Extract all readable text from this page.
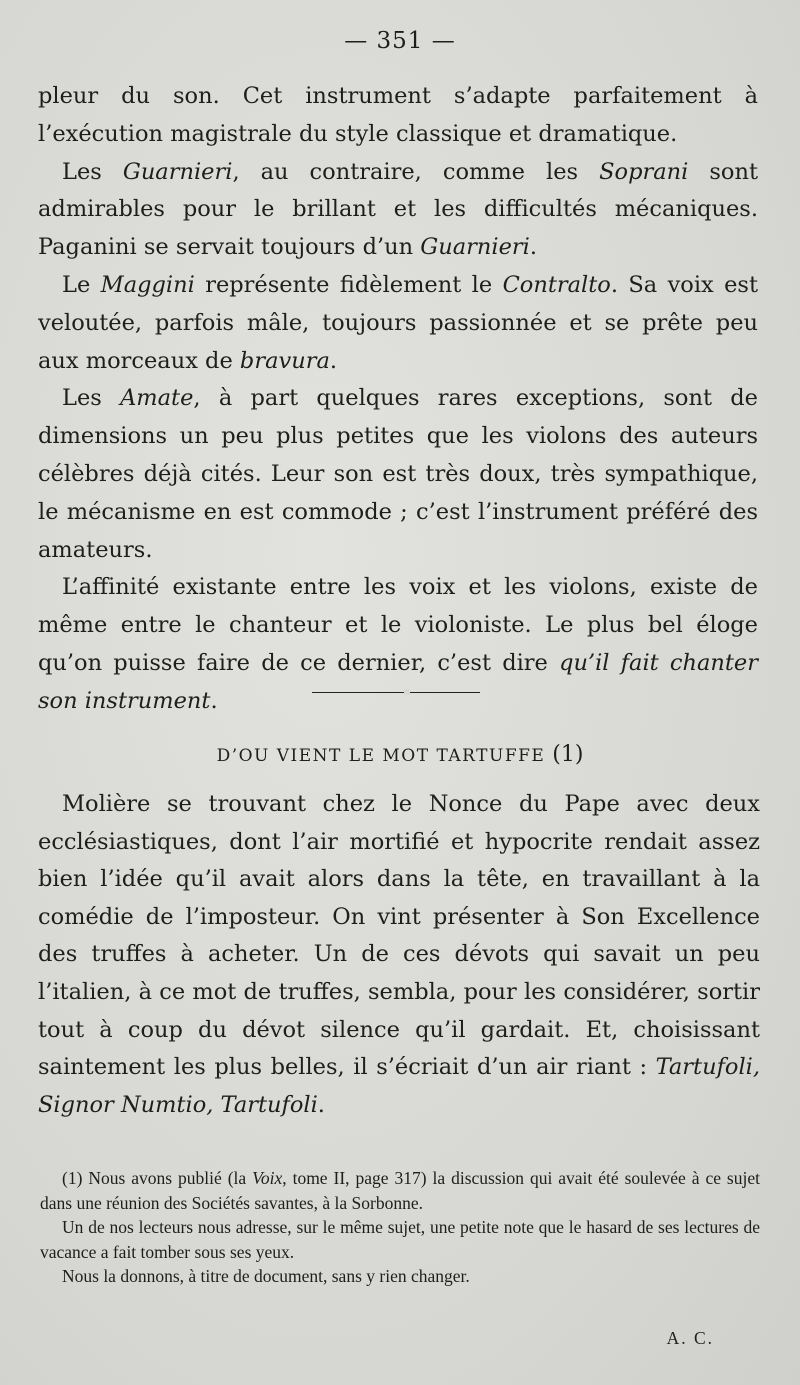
— 351 —

pleur du son. Cet instrument s’adapte parfaitement à l’exécution magistrale du style classique et dramatique.

Les Guarnieri, au contraire, comme les Soprani sont admirables pour le brillant et les difficultés mécaniques. Paganini se servait toujours d’un Guarnieri.

Le Maggini représente fidèlement le Contralto. Sa voix est veloutée, parfois mâle, toujours passionnée et se prête peu aux morceaux de bravura.

Les Amate, à part quelques rares exceptions, sont de dimensions un peu plus petites que les violons des auteurs célèbres déjà cités. Leur son est très doux, très sympathique, le mécanisme en est commode ; c’est l’instrument préféré des amateurs.

L’affinité existante entre les voix et les violons, existe de même entre le chanteur et le violoniste. Le plus bel éloge qu’on puisse faire de ce dernier, c’est dire qu’il fait chanter son instrument.

D’OU VIENT LE MOT TARTUFFE (1)

Molière se trouvant chez le Nonce du Pape avec deux ecclésiastiques, dont l’air mortifié et hypocrite rendait assez bien l’idée qu’il avait alors dans la tête, en travaillant à la comédie de l’imposteur. On vint présenter à Son Excellence des truffes à acheter. Un de ces dévots qui savait un peu l’italien, à ce mot de truffes, sembla, pour les considérer, sortir tout à coup du dévot silence qu’il gardait. Et, choisissant saintement les plus belles, il s’écriait d’un air riant : Tartufoli, Signor Numtio, Tartufoli.

(1) Nous avons publié (la Voix, tome II, page 317) la discussion qui avait été soulevée à ce sujet dans une réunion des Sociétés savantes, à la Sorbonne.

Un de nos lecteurs nous adresse, sur le même sujet, une petite note que le hasard de ses lectures de vacance a fait tomber sous ses yeux.

Nous la donnons, à titre de document, sans y rien changer.

A. C.
